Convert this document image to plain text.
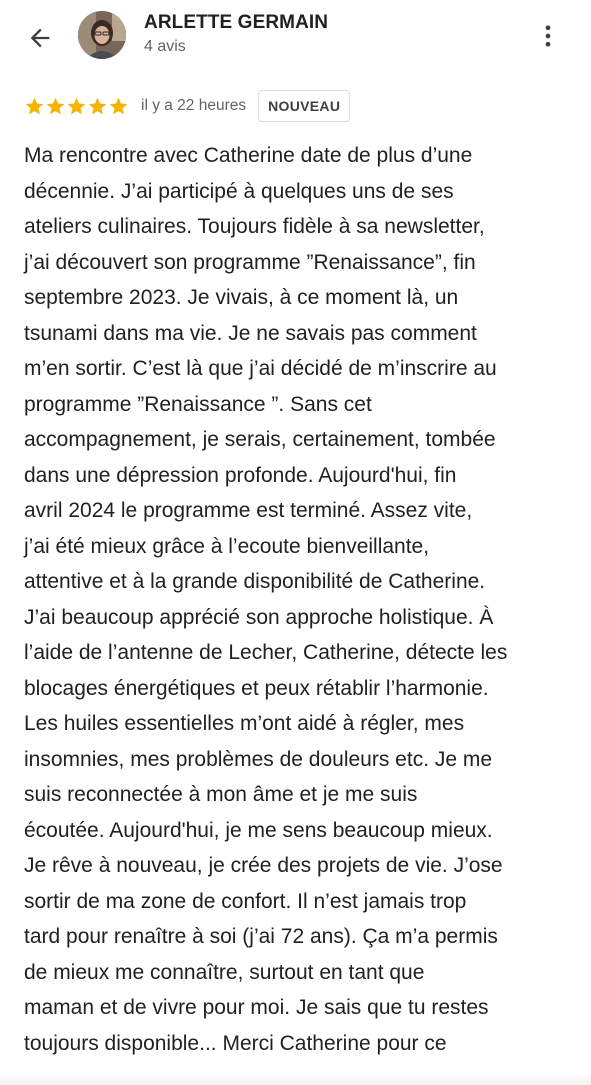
ARLETTE GERMAIN
4 avis
il y a 22 heures	NOUVEAU
Ma rencontre avec Catherine date de plus d’une
décennie. J’ai participé à quelques uns de ses
ateliers culinaires. Toujours fidèle à sa newsletter,
j’ai découvert son programme ”Renaissance”, fin
septembre 2023. Je vivais, à ce moment là, un
tsunami dans ma vie. Je ne savais pas comment
m’en sortir. C’est là que j’ai décidé de m’inscrire au
programme ”Renaissance ”. Sans cet
accompagnement, je serais, certainement, tombée
dans une dépression profonde. Aujourd'hui, fin
avril 2024 le programme est terminé. Assez vite,
j’ai été mieux grâce à l’ecoute bienveillante,
attentive et à la grande disponibilité de Catherine.
J’ai beaucoup apprécié son approche holistique. À
l’aide de l’antenne de Lecher, Catherine, détecte les
blocages énergétiques et peux rétablir l’harmonie.
Les huiles essentielles m’ont aidé à régler, mes
insomnies, mes problèmes de douleurs etc. Je me
suis reconnectée à mon âme et je me suis
écoutée. Aujourd'hui, je me sens beaucoup mieux.
Je rêve à nouveau, je crée des projets de vie. J’ose
sortir de ma zone de confort. Il n’est jamais trop
tard pour renaître à soi (j’ai 72 ans). Ça m’a permis
de mieux me connaître, surtout en tant que
maman et de vivre pour moi. Je sais que tu restes
toujours disponible... Merci Catherine pour ce
